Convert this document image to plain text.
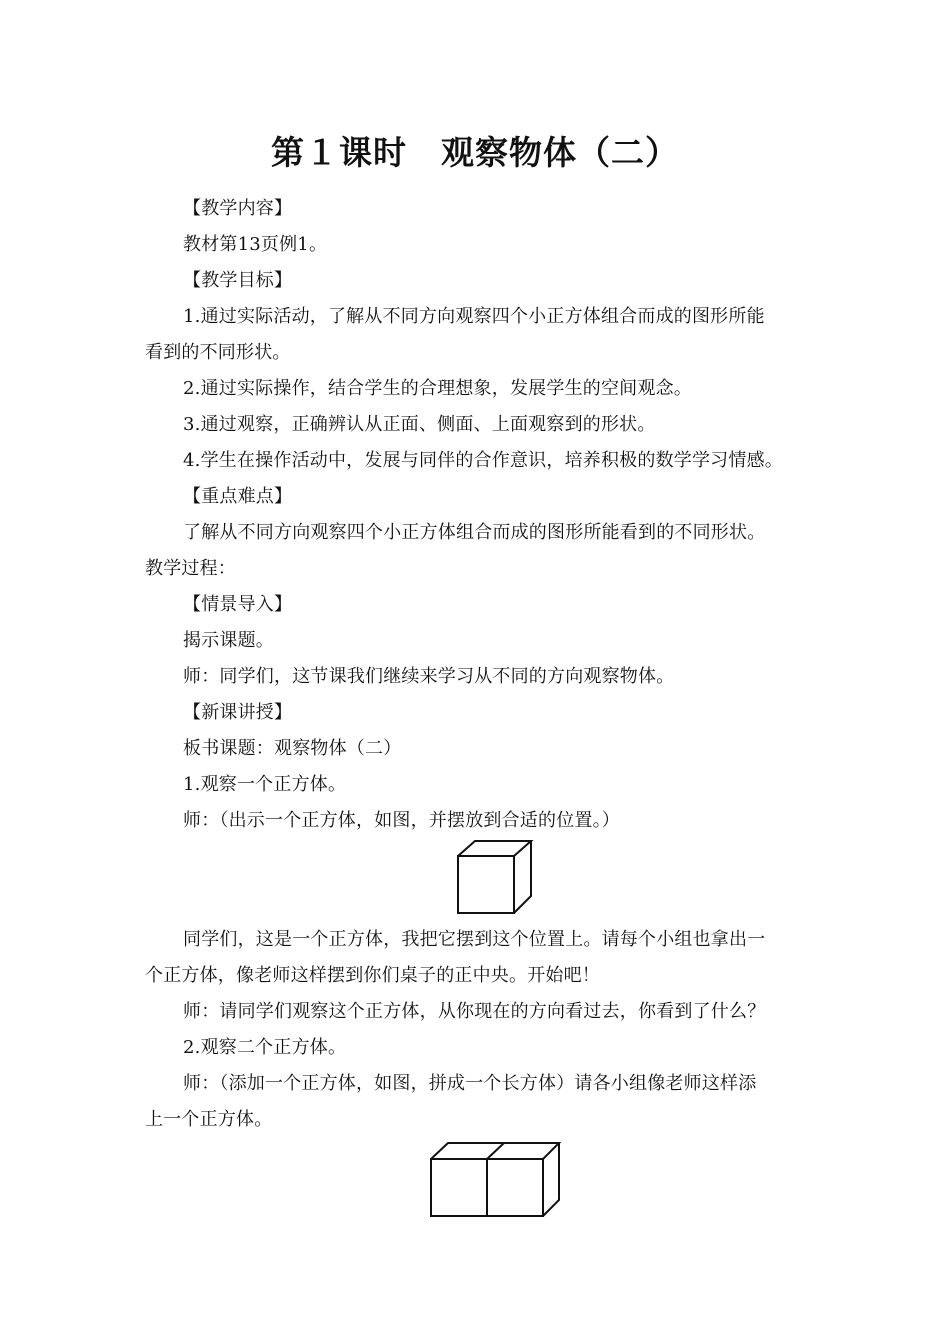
第１课时　观察物体（二）
【教学内容】
教材第13页例1。
【教学目标】
1.通过实际活动，了解从不同方向观察四个小正方体组合而成的图形所能
看到的不同形状。
2.通过实际操作，结合学生的合理想象，发展学生的空间观念。
3.通过观察，正确辨认从正面、侧面、上面观察到的形状。
4.学生在操作活动中，发展与同伴的合作意识，培养积极的数学学习情感。
【重点难点】
了解从不同方向观察四个小正方体组合而成的图形所能看到的不同形状。
教学过程：
【情景导入】
揭示课题。
师：同学们，这节课我们继续来学习从不同的方向观察物体。
【新课讲授】
板书课题：观察物体（二）
1.观察一个正方体。
师：（出示一个正方体，如图，并摆放到合适的位置。）
同学们，这是一个正方体，我把它摆到这个位置上。请每个小组也拿出一
个正方体，像老师这样摆到你们桌子的正中央。开始吧！
师：请同学们观察这个正方体，从你现在的方向看过去，你看到了什么？
2.观察二个正方体。
师：（添加一个正方体，如图，拼成一个长方体）请各小组像老师这样添
上一个正方体。
